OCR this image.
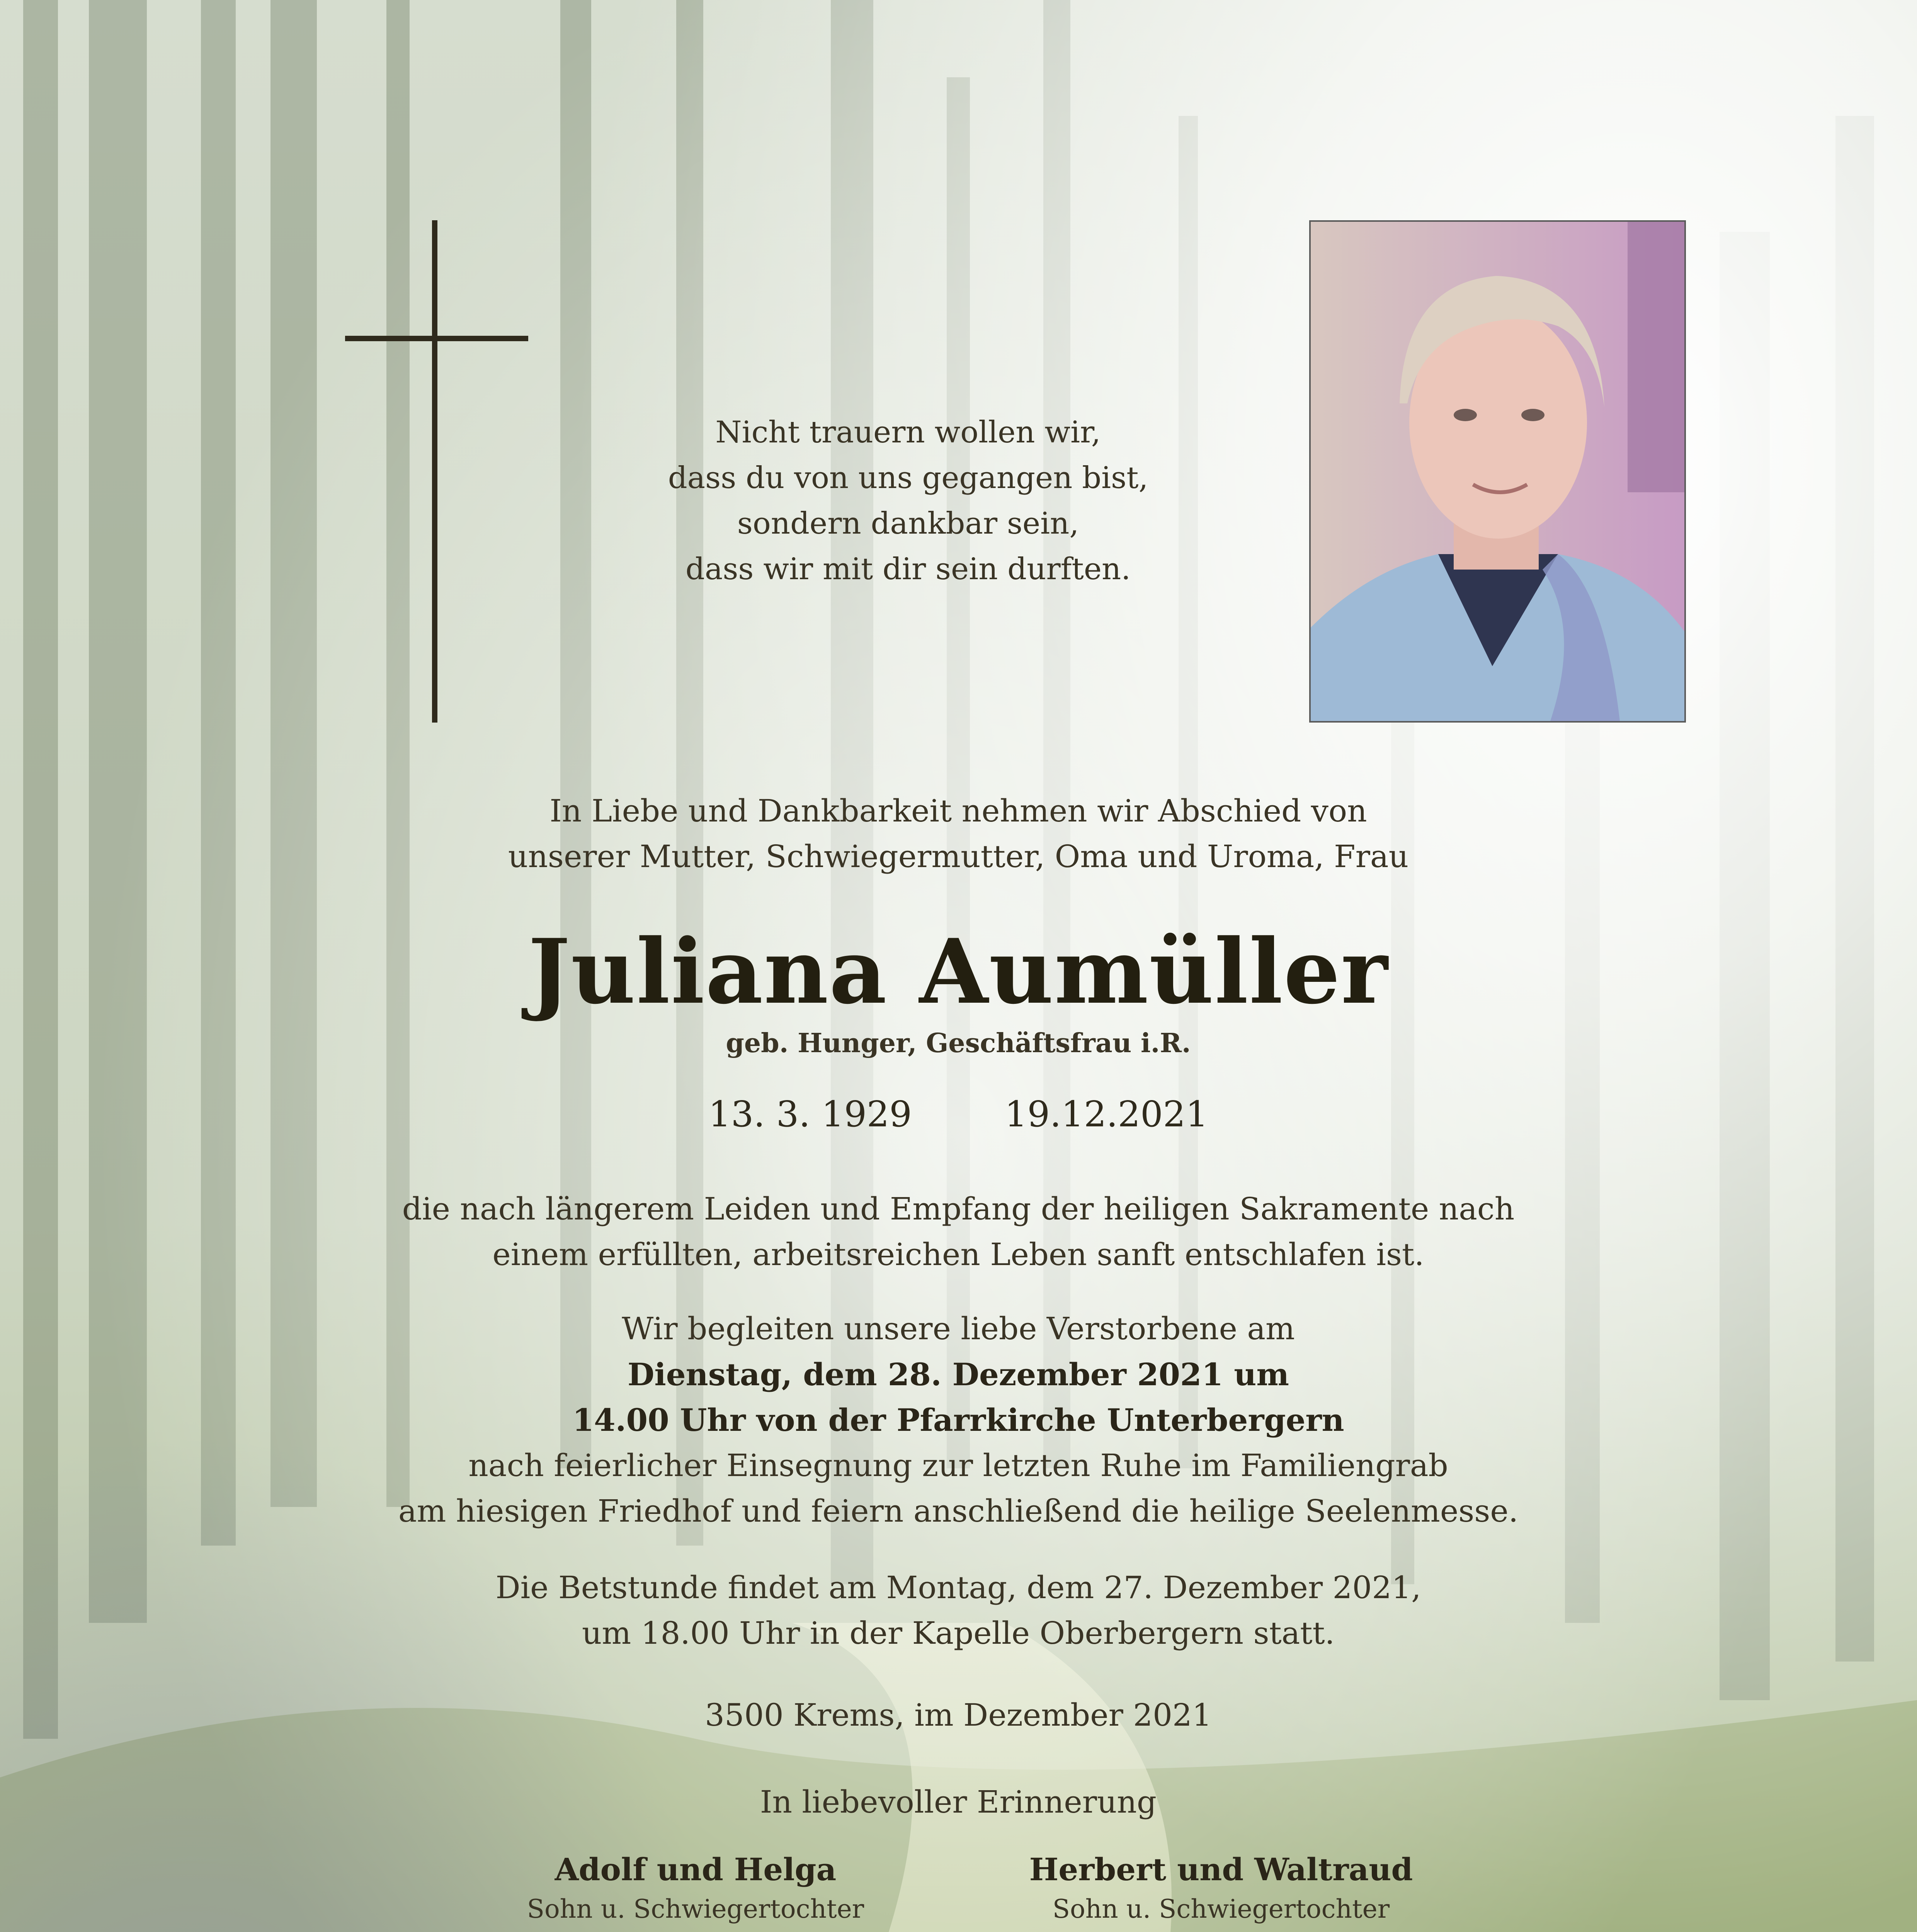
Nicht trauern wollen wir,
dass du von uns gegangen bist,
sondern dankbar sein,
dass wir mit dir sein durften.
In Liebe und Dankbarkeit nehmen wir Abschied von
unserer Mutter, Schwiegermutter, Oma und Uroma, Frau
Juliana Aumüller
geb. Hunger, Geschäftsfrau i.R.
13. 3. 1929	19.12.2021
die nach längerem Leiden und Empfang der heiligen Sakramente nach
einem erfüllten, arbeitsreichen Leben sanft entschlafen ist.
Wir begleiten unsere liebe Verstorbene am
Dienstag, dem 28. Dezember 2021 um
14.00 Uhr von der Pfarrkirche Unterbergern
nach feierlicher Einsegnung zur letzten Ruhe im Familiengrab
am hiesigen Friedhof und feiern anschließend die heilige Seelenmesse.
Die Betstunde findet am Montag, dem 27. Dezember 2021,
um 18.00 Uhr in der Kapelle Oberbergern statt.
3500 Krems, im Dezember 2021
In liebevoller Erinnerung
Adolf und Helga
Sohn u. Schwiegertochter
Herbert und Waltraud
Sohn u. Schwiegertochter
